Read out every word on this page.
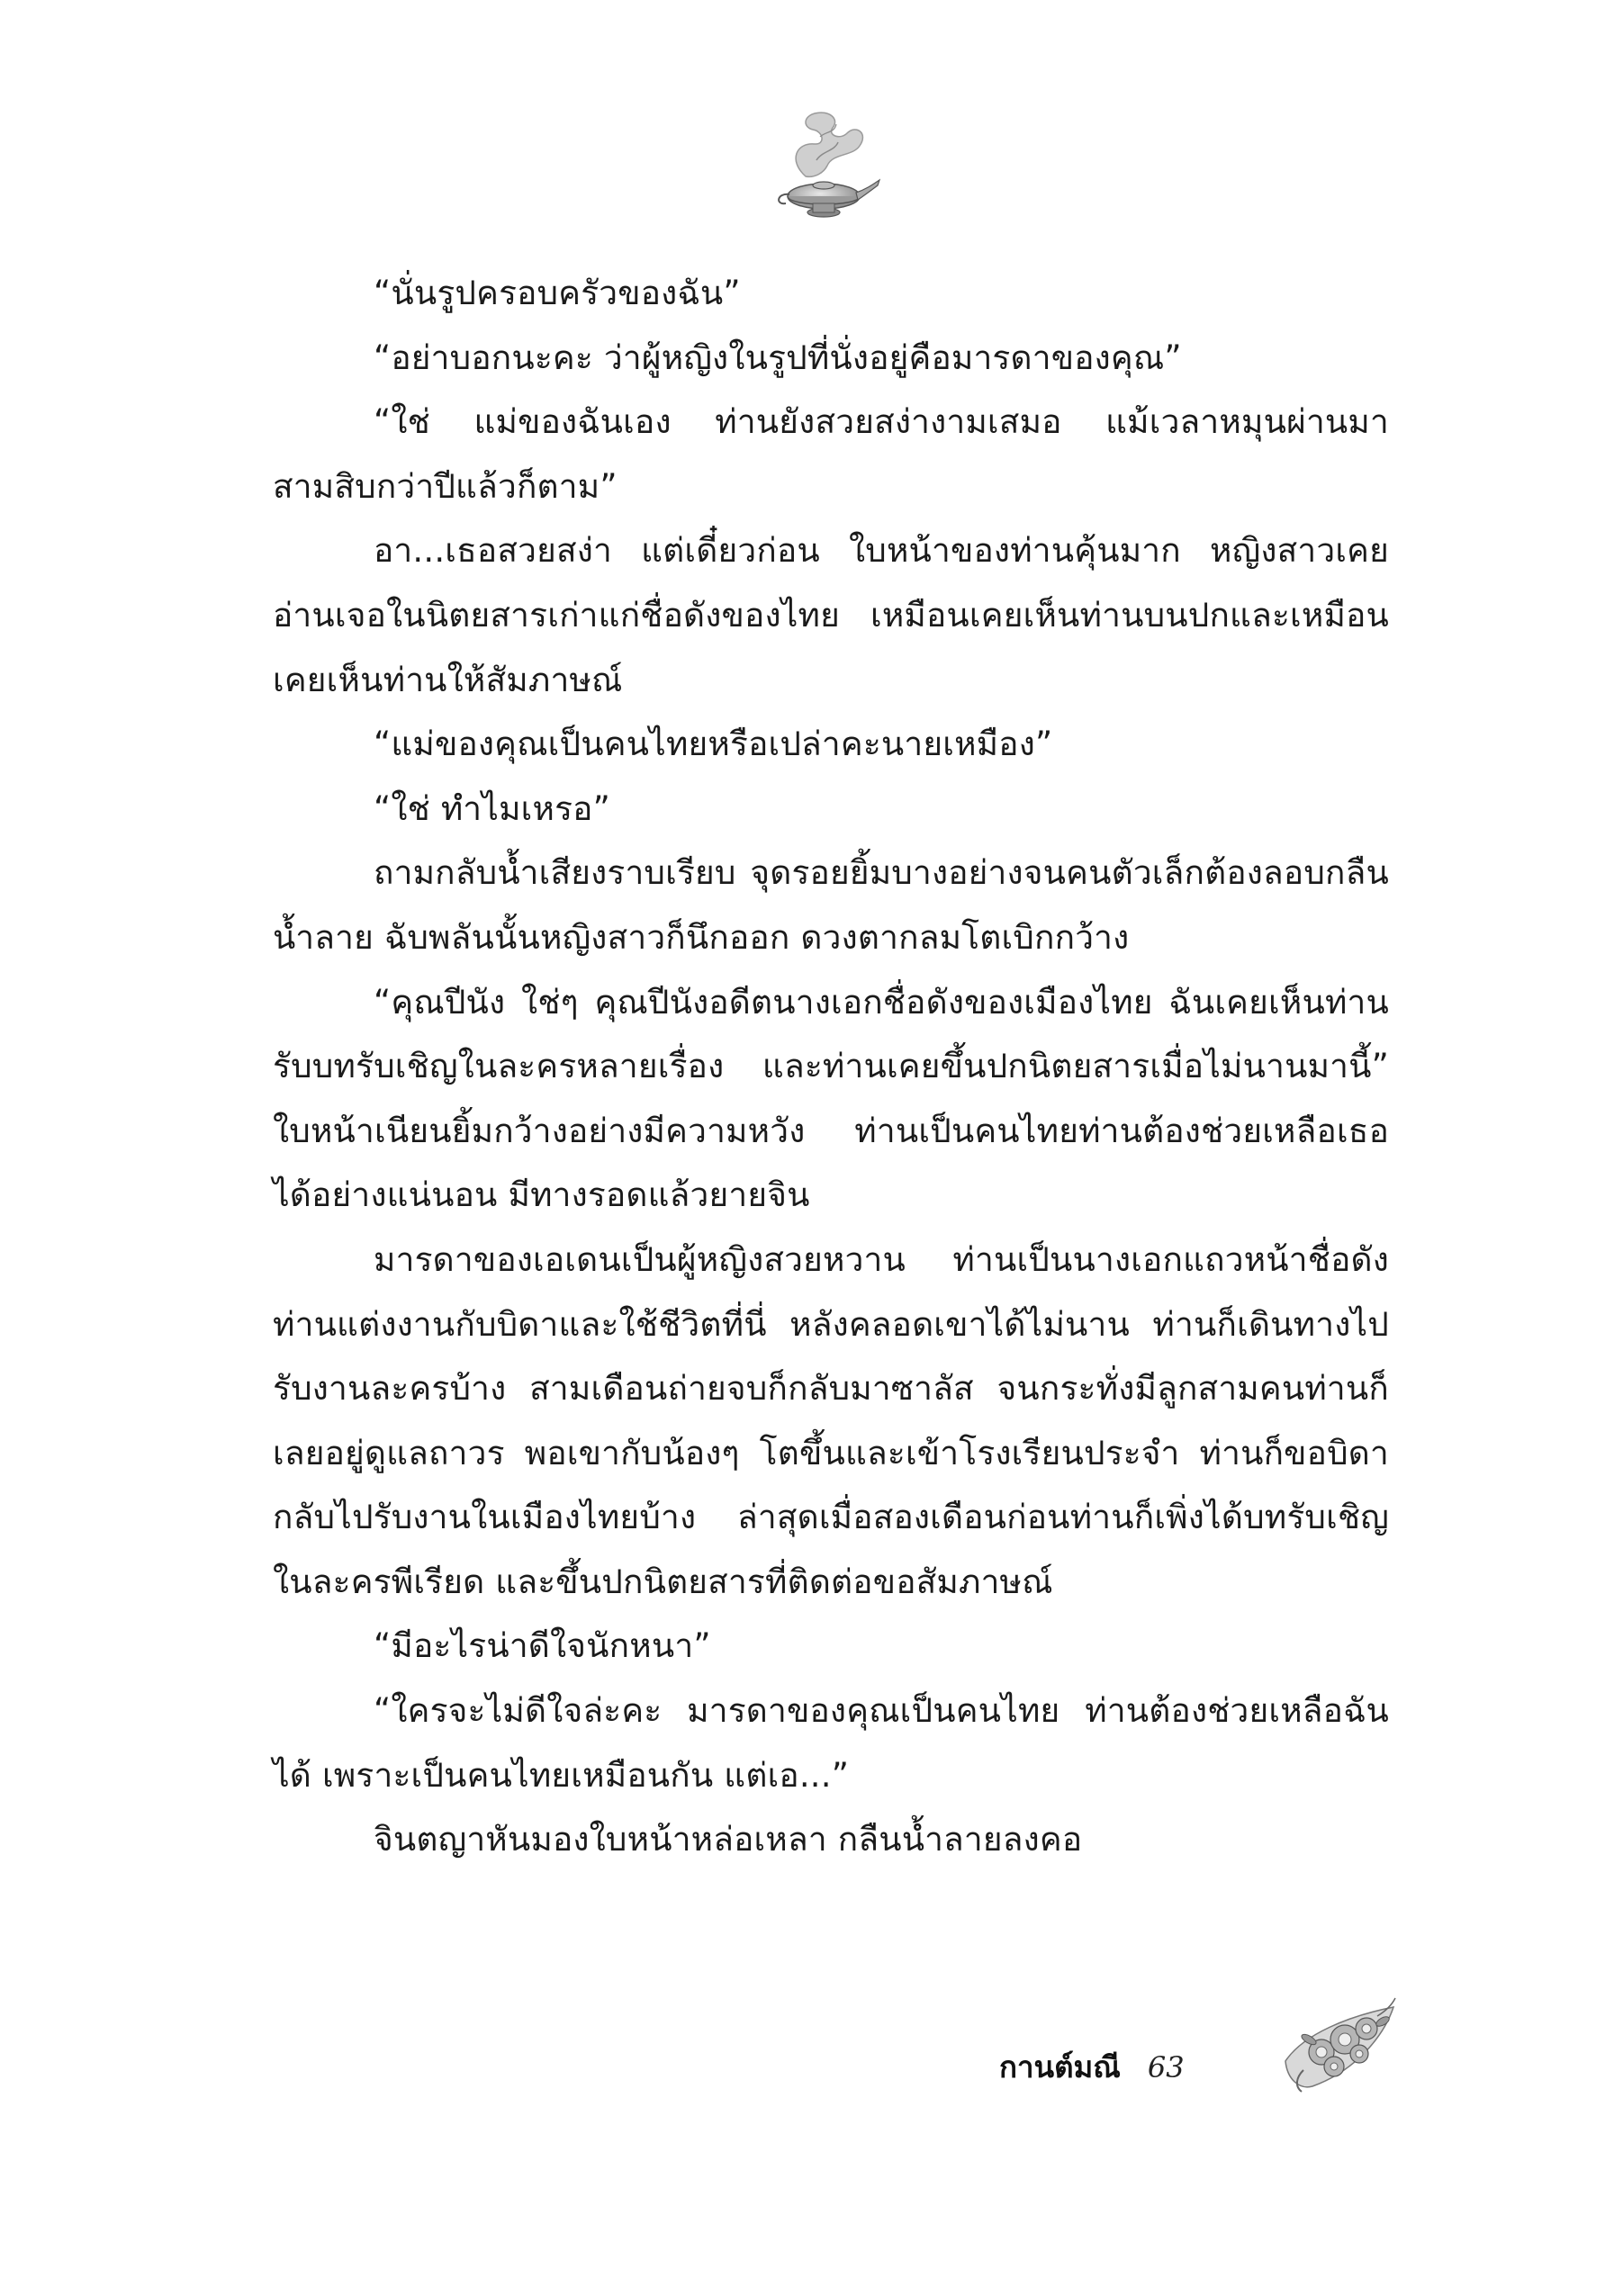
“นั่นรูปครอบครัวของฉัน”

“อย่าบอกนะคะ ว่าผู้หญิงในรูปที่นั่งอยู่คือมารดาของคุณ”

“ใช่ แม่ของฉันเอง ท่านยังสวยสง่างามเสมอ แม้เวลาหมุนผ่านมาสามสิบกว่าปีแล้วก็ตาม”

อา...เธอสวยสง่า แต่เดี๋ยวก่อน ใบหน้าของท่านคุ้นมาก หญิงสาวเคยอ่านเจอในนิตยสารเก่าแก่ชื่อดังของไทย เหมือนเคยเห็นท่านบนปกและเหมือนเคยเห็นท่านให้สัมภาษณ์

“แม่ของคุณเป็นคนไทยหรือเปล่าคะนายเหมือง”

“ใช่ ทำไมเหรอ”

ถามกลับน้ำเสียงราบเรียบ จุดรอยยิ้มบางอย่างจนคนตัวเล็กต้องลอบกลืนน้ำลาย ฉับพลันนั้นหญิงสาวก็นึกออก ดวงตากลมโตเบิกกว้าง

“คุณปีนัง ใช่ๆ คุณปีนังอดีตนางเอกชื่อดังของเมืองไทย ฉันเคยเห็นท่านรับบทรับเชิญในละครหลายเรื่อง และท่านเคยขึ้นปกนิตยสารเมื่อไม่นานมานี้” ใบหน้าเนียนยิ้มกว้างอย่างมีความหวัง ท่านเป็นคนไทยท่านต้องช่วยเหลือเธอได้อย่างแน่นอน มีทางรอดแล้วยายจิน

มารดาของเอเดนเป็นผู้หญิงสวยหวาน ท่านเป็นนางเอกแถวหน้าชื่อดัง ท่านแต่งงานกับบิดาและใช้ชีวิตที่นี่ หลังคลอดเขาได้ไม่นาน ท่านก็เดินทางไปรับงานละครบ้าง สามเดือนถ่ายจบก็กลับมาซาลัส จนกระทั่งมีลูกสามคนท่านก็เลยอยู่ดูแลถาวร พอเขากับน้องๆ โตขึ้นและเข้าโรงเรียนประจำ ท่านก็ขอบิดากลับไปรับงานในเมืองไทยบ้าง ล่าสุดเมื่อสองเดือนก่อนท่านก็เพิ่งได้บทรับเชิญในละครพีเรียด และขึ้นปกนิตยสารที่ติดต่อขอสัมภาษณ์

“มีอะไรน่าดีใจนักหนา”

“ใครจะไม่ดีใจล่ะคะ มารดาของคุณเป็นคนไทย ท่านต้องช่วยเหลือฉันได้ เพราะเป็นคนไทยเหมือนกัน แต่เอ...”

จินตญาหันมองใบหน้าหล่อเหลา กลืนน้ำลายลงคอ

กานต์มณี 63
